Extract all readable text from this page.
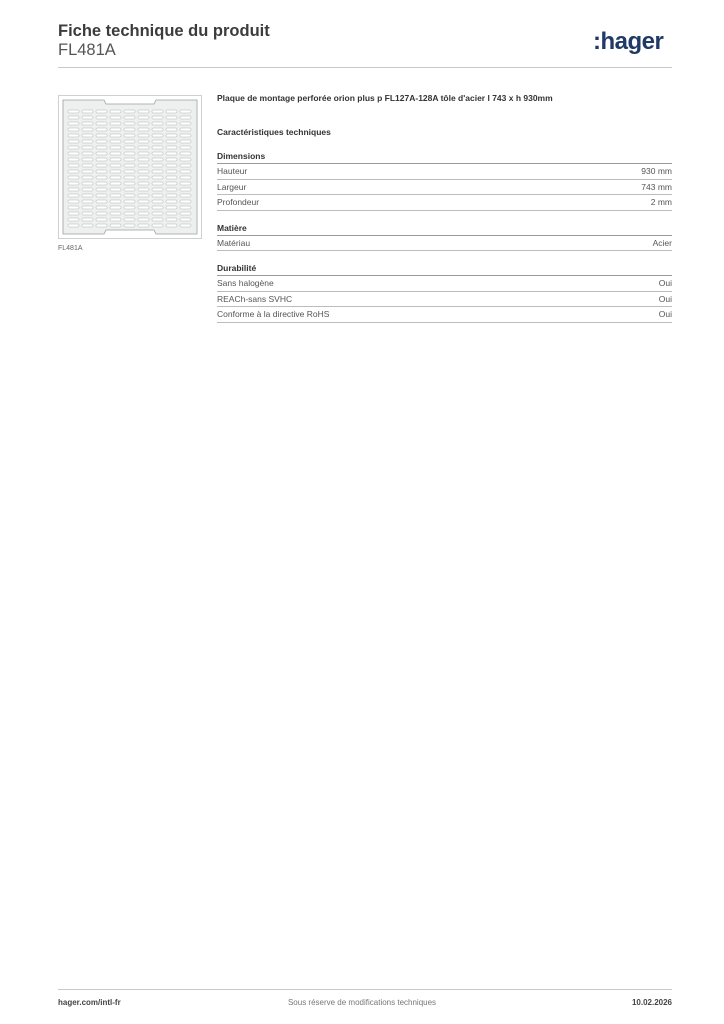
Fiche technique du produit
FL481A	:hager
FL481A

Plaque de montage perforée orion plus p FL127A-128A tôle d'acier l 743 x h 930mm

Caractéristiques techniques

Dimensions

Hauteur	930 mm
Largeur	743 mm
Profondeur	2 mm

Matière

Matériau	Acier

Durabilité

Sans halogène	Oui
REACh-sans SVHC	Oui
Conforme à la directive RoHS	Oui
hager.com/intl-fr	Sous réserve de modifications techniques	10.02.2026
